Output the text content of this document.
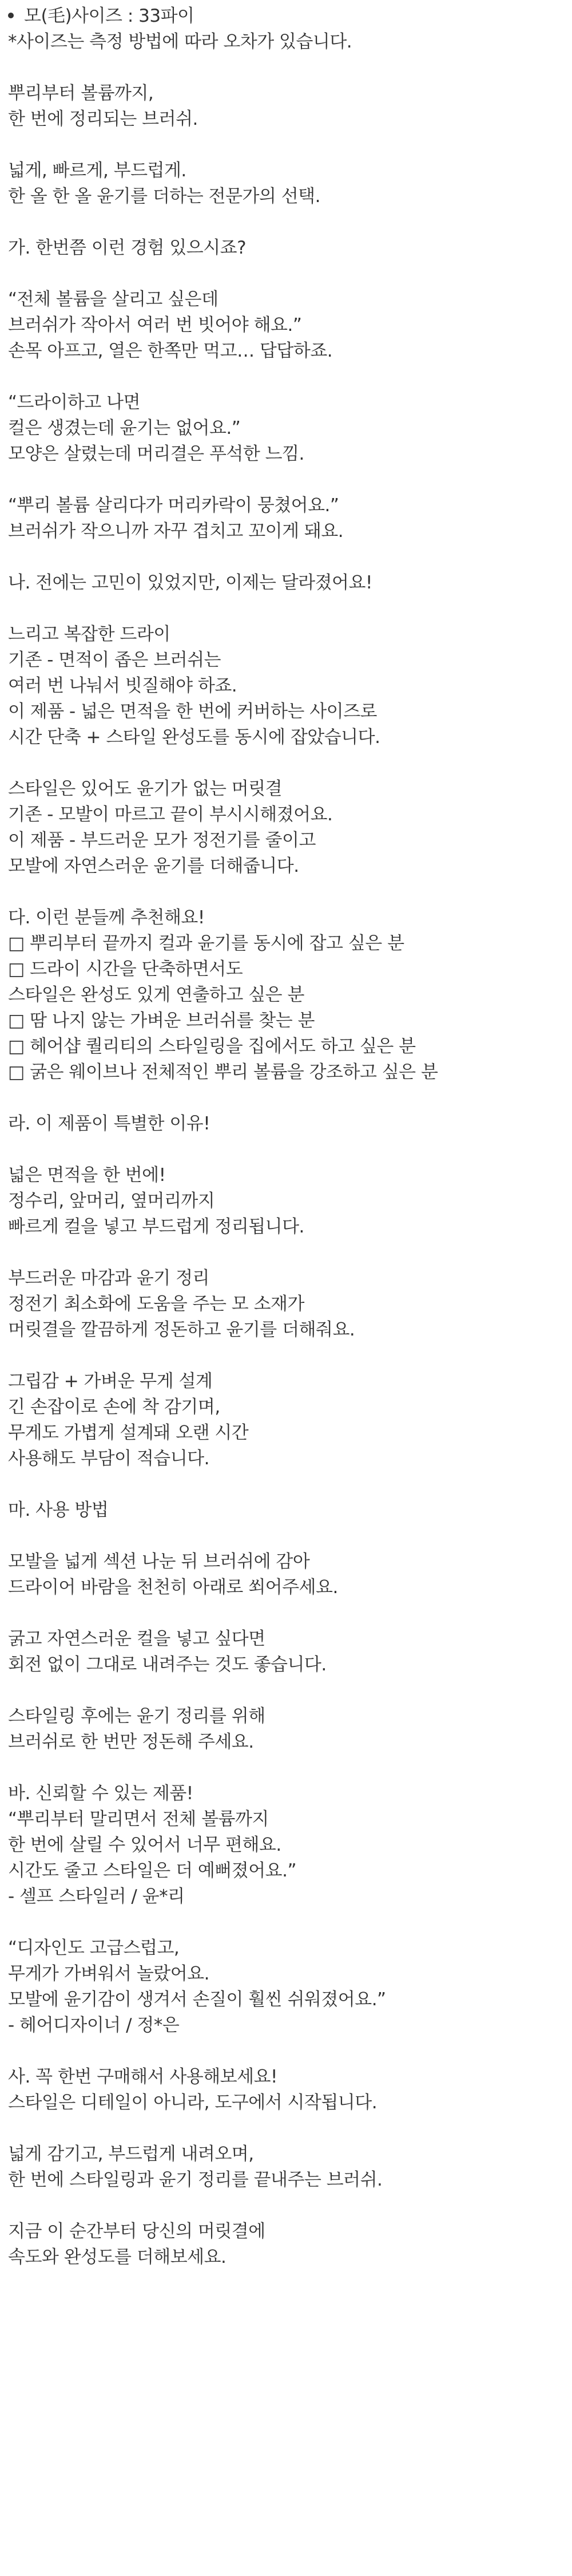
모(毛)사이즈 : 33파이
*사이즈는 측정 방법에 따라 오차가 있습니다.
뿌리부터 볼륨까지,
한 번에 정리되는 브러쉬.
넓게, 빠르게, 부드럽게.
한 올 한 올 윤기를 더하는 전문가의 선택.
가. 한번쯤 이런 경험 있으시죠?
“전체 볼륨을 살리고 싶은데
브러쉬가 작아서 여러 번 빗어야 해요.”
손목 아프고, 열은 한쪽만 먹고… 답답하죠.
“드라이하고 나면
컬은 생겼는데 윤기는 없어요.”
모양은 살렸는데 머리결은 푸석한 느낌.
“뿌리 볼륨 살리다가 머리카락이 뭉쳤어요.”
브러쉬가 작으니까 자꾸 겹치고 꼬이게 돼요.
나. 전에는 고민이 있었지만, 이제는 달라졌어요!
느리고 복잡한 드라이
기존 - 면적이 좁은 브러쉬는
여러 번 나눠서 빗질해야 하죠.
이 제품 - 넓은 면적을 한 번에 커버하는 사이즈로
시간 단축 + 스타일 완성도를 동시에 잡았습니다.
스타일은 있어도 윤기가 없는 머릿결
기존 - 모발이 마르고 끝이 부시시해졌어요.
이 제품 - 부드러운 모가 정전기를 줄이고
모발에 자연스러운 윤기를 더해줍니다.
다. 이런 분들께 추천해요!
□ 뿌리부터 끝까지 컬과 윤기를 동시에 잡고 싶은 분
□ 드라이 시간을 단축하면서도
스타일은 완성도 있게 연출하고 싶은 분
□ 땀 나지 않는 가벼운 브러쉬를 찾는 분
□ 헤어샵 퀄리티의 스타일링을 집에서도 하고 싶은 분
□ 굵은 웨이브나 전체적인 뿌리 볼륨을 강조하고 싶은 분
라. 이 제품이 특별한 이유!
넓은 면적을 한 번에!
정수리, 앞머리, 옆머리까지
빠르게 컬을 넣고 부드럽게 정리됩니다.
부드러운 마감과 윤기 정리
정전기 최소화에 도움을 주는 모 소재가
머릿결을 깔끔하게 정돈하고 윤기를 더해줘요.
그립감 + 가벼운 무게 설계
긴 손잡이로 손에 착 감기며,
무게도 가볍게 설계돼 오랜 시간
사용해도 부담이 적습니다.
마. 사용 방법
모발을 넓게 섹션 나눈 뒤 브러쉬에 감아
드라이어 바람을 천천히 아래로 쐬어주세요.
굵고 자연스러운 컬을 넣고 싶다면
회전 없이 그대로 내려주는 것도 좋습니다.
스타일링 후에는 윤기 정리를 위해
브러쉬로 한 번만 정돈해 주세요.
바. 신뢰할 수 있는 제품!
“뿌리부터 말리면서 전체 볼륨까지
한 번에 살릴 수 있어서 너무 편해요.
시간도 줄고 스타일은 더 예뻐졌어요.”
- 셀프 스타일러 / 윤*리
“디자인도 고급스럽고,
무게가 가벼워서 놀랐어요.
모발에 윤기감이 생겨서 손질이 훨씬 쉬워졌어요.”
- 헤어디자이너 / 정*은
사. 꼭 한번 구매해서 사용해보세요!
스타일은 디테일이 아니라, 도구에서 시작됩니다.
넓게 감기고, 부드럽게 내려오며,
한 번에 스타일링과 윤기 정리를 끝내주는 브러쉬.
지금 이 순간부터 당신의 머릿결에
속도와 완성도를 더해보세요.
